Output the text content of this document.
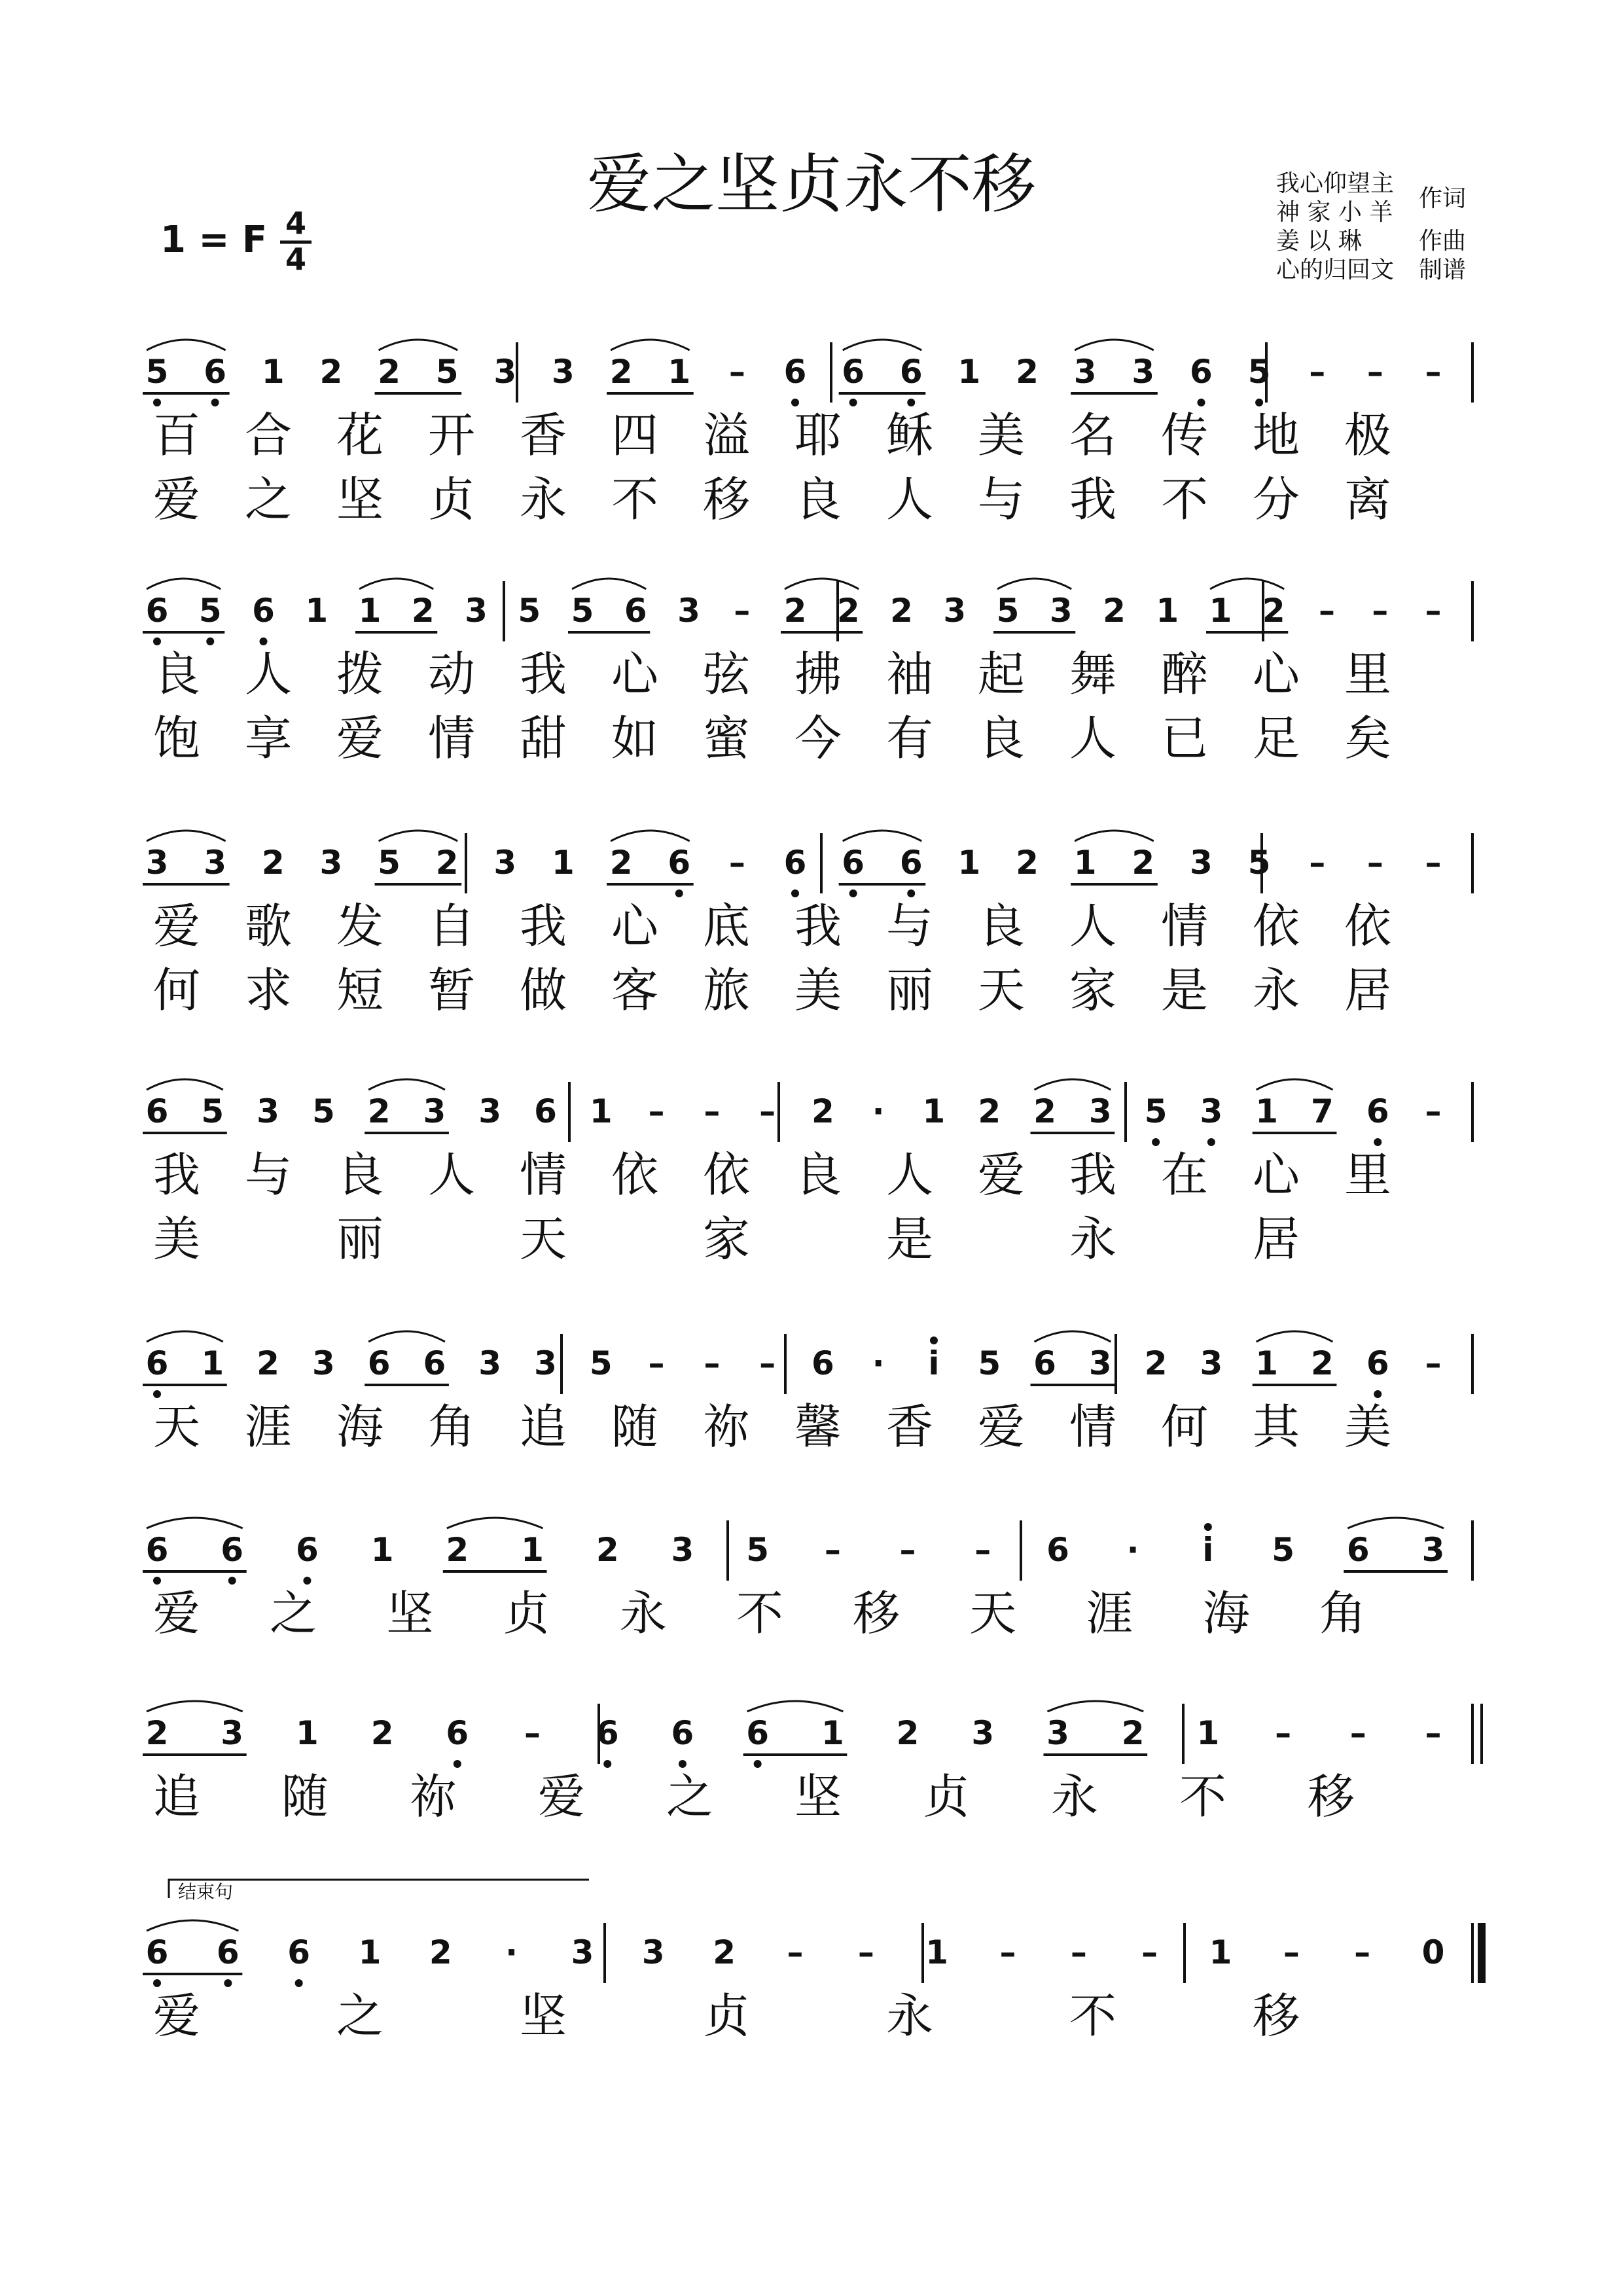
爱之坚贞永不移
1 = F 4
4
我心仰望主
神 家 小 羊
作词
姜 以 琳 作曲
心的归回文 制谱
5 6 1 2 2 5 3 3 2 1 – 6 6 6 1 2 3 3 6 5 – – –
百 合 花 开 香 四 溢 耶 稣 美 名 传 地 极
爱 之 坚 贞 永 不 移 良 人 与 我 不 分 离
6 5 6 1 1 2 3 5 5 6 3 – 2 2 2 3 5 3 2 1 1 2 – – –
良 人 拨 动 我 心 弦 拂 袖 起 舞 醉 心 里
饱 享 爱 情 甜 如 蜜 今 有 良 人 已 足 矣
3 3 2 3 5 2 3 1 2 6 – 6 6 6 1 2 1 2 3 5 – – –
爱 歌 发 自 我 心 底 我 与 良 人 情 依 依
何 求 短 暂 做 客 旅 美 丽 天 家 是 永 居
6 5 3 5 2 3 3 6 1 – – – 2 · 1 2 2 3 5 3 1 7 6 –
我 与 良 人 情 依 依 良 人 爱 我 在 心 里
美	丽	天	家	是	永	居
6 1 2 3 6 6 3 3 5 – – – 6 · i 5 6 3 2 3 1 2 6 –
天 涯 海 角 追 随 祢 馨 香 爱 情 何 其 美
6 6 6 1 2 1 2 3 5 – – – 6 · i 5 6 3
爱 之 坚 贞 永 不 移 天 涯 海 角
2 3 1 2 6 – 6 6 6 1 2 3 3 2 1 – – –
追 随 祢 爱 之 坚 贞 永 不 移
6 6 6 1 2 · 3 3 2 – – 1 – – – 1 – – 0
爱	之	坚	贞	永	不	移
结束句
